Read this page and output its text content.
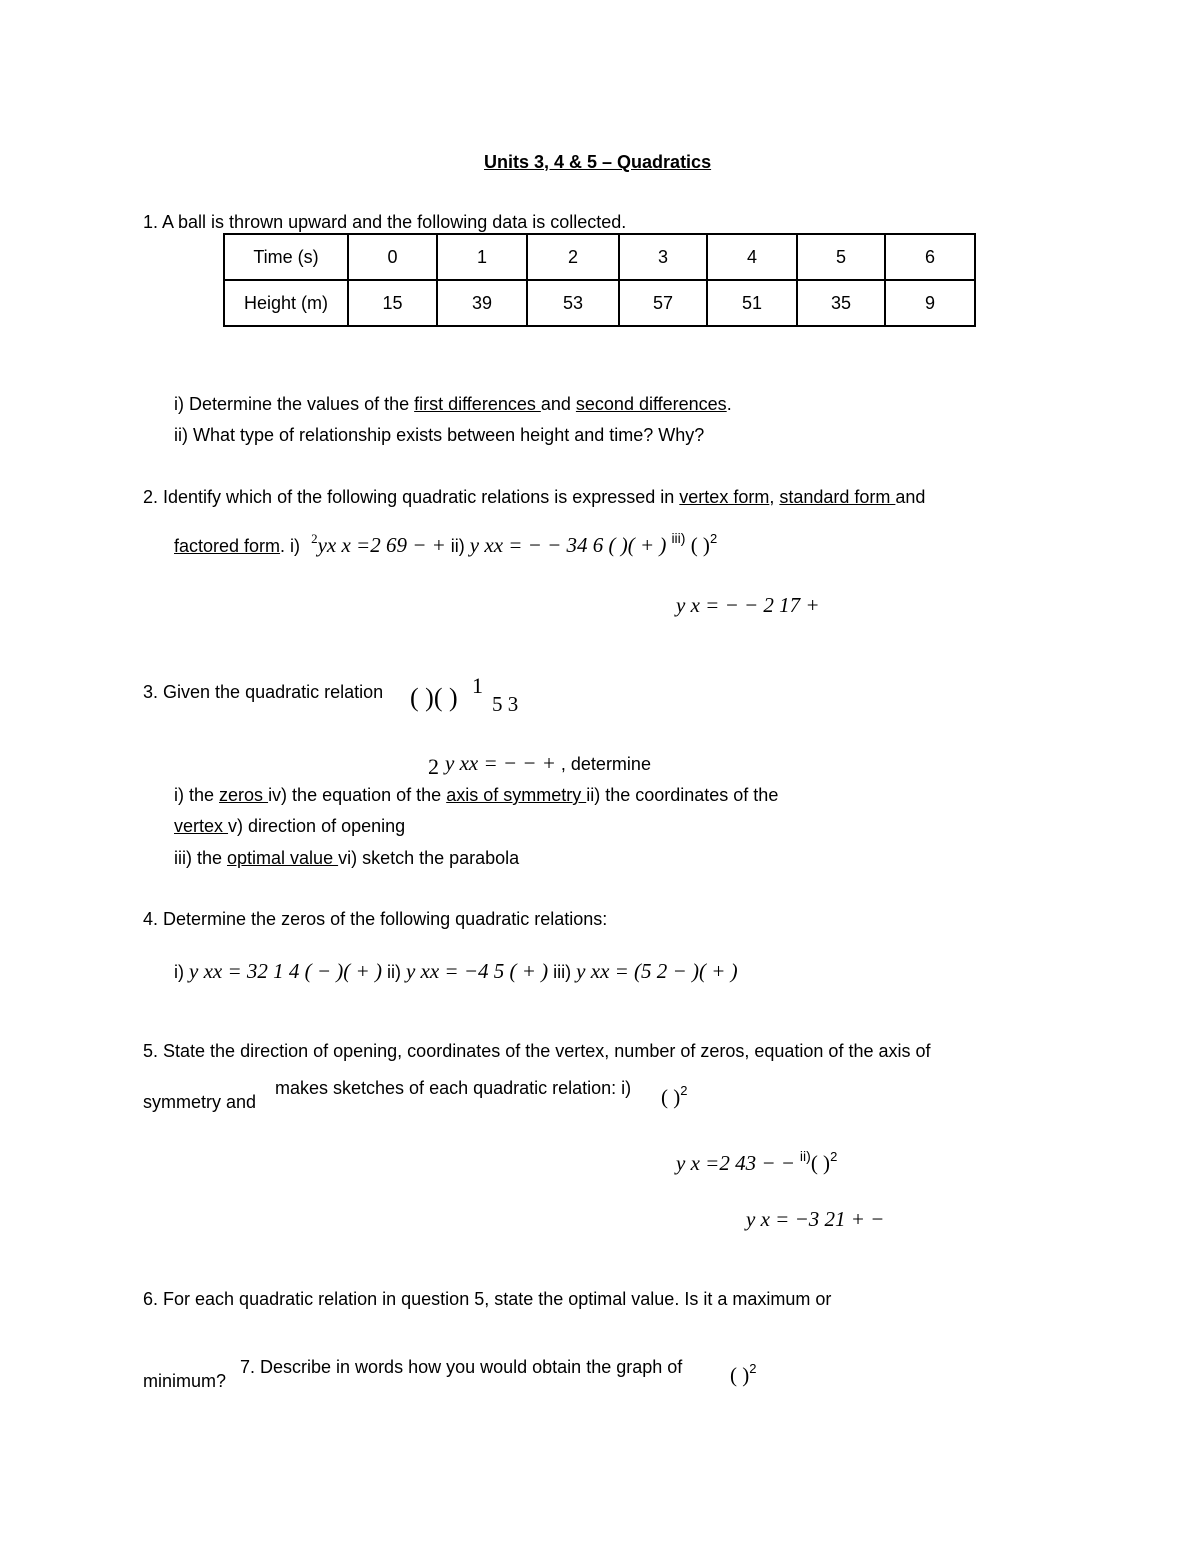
Units 3, 4 & 5 – Quadratics
1. A ball is thrown upward and the following data is collected.
Time (s)	0	1	2	3	4	5	6
Height (m)	15	39	53	57	51	35	9
i) Determine the values of the first differences and second differences.
ii) What type of relationship exists between height and time? Why?
2. Identify which of the following quadratic relations is expressed in vertex form, standard form and
factored form. i) $^2$yx x =2 69 − + ii) y xx = − − 34 6 ( )( + ) $^{iii)}$ ( )$^2$
y x = − − 2 17 +
3. Given the quadratic relation ( )( ) 1
5 3
2 y xx = − − + , determine
i) the zeros iv) the equation of the axis of symmetry ii) the coordinates of the
vertex v) direction of opening
iii) the optimal value vi) sketch the parabola
4. Determine the zeros of the following quadratic relations:
i) y xx = 32 1 4 ( − )( + ) ii) y xx = −4 5 ( + ) iii) y xx = (5 2 − )( + )
5. State the direction of opening, coordinates of the vertex, number of zeros, equation of the axis of
symmetry and
makes sketches of each quadratic relation: i) ( )$^2$
y x =2 43 − − $^{ii)}$( )$^2$
y x = −3 21 + −
6. For each quadratic relation in question 5, state the optimal value. Is it a maximum or
minimum?
7. Describe in words how you would obtain the graph of ( )$^2$
